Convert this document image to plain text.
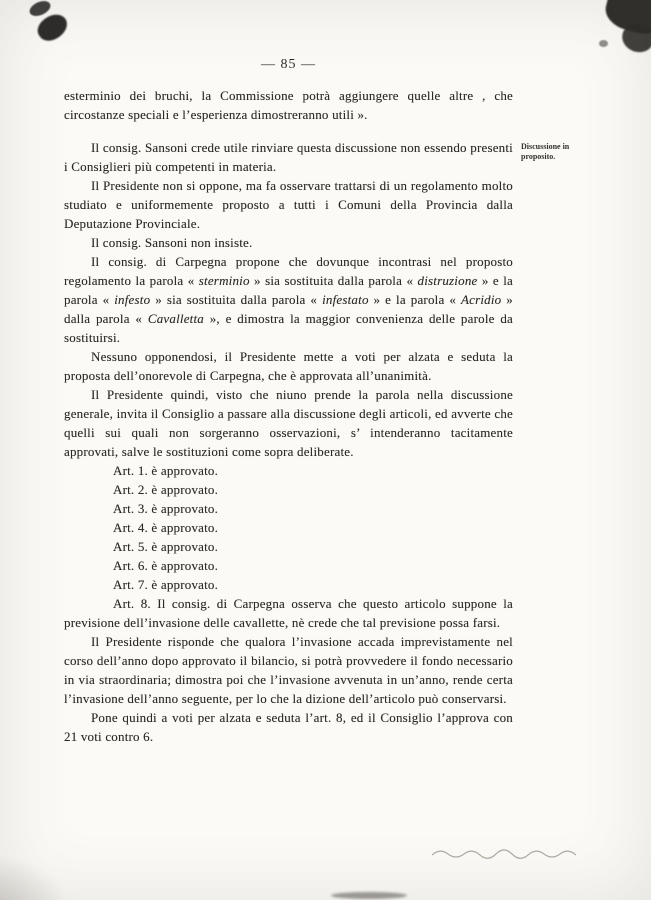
— 85 —
Discussione in proposito.

esterminio dei bruchi, la Commissione potrà aggiungere quelle altre , che circostanze speciali e l’esperienza dimostreranno utili ».

Il consig. Sansoni crede utile rinviare questa discussione non essendo presenti i Consiglieri più competenti in materia.

Il Presidente non si oppone, ma fa osservare trattarsi di un regolamento molto studiato e uniformemente proposto a tutti i Comuni della Provincia dalla Deputazione Provinciale.

Il consig. Sansoni non insiste.

Il consig. di Carpegna propone che dovunque incontrasi nel proposto regolamento la parola « sterminio » sia sostituita dalla parola « distruzione » e la parola « infesto » sia sostituita dalla parola « infestato » e la parola « Acridio » dalla parola « Cavalletta », e dimostra la maggior convenienza delle parole da sostituirsi.

Nessuno opponendosi, il Presidente mette a voti per alzata e seduta la proposta dell’onorevole di Carpegna, che è approvata all’unanimità.

Il Presidente quindi, visto che niuno prende la parola nella discussione generale, invita il Consiglio a passare alla discussione degli articoli, ed avverte che quelli sui quali non sorgeranno osservazioni, s’ intenderanno tacitamente approvati, salve le sostituzioni come sopra deliberate.

Art. 1. è approvato.

Art. 2. è approvato.

Art. 3. è approvato.

Art. 4. è approvato.

Art. 5. è approvato.

Art. 6. è approvato.

Art. 7. è approvato.

Art. 8. Il consig. di Carpegna osserva che questo articolo suppone la previsione dell’invasione delle cavallette, nè crede che tal previsione possa farsi.

Il Presidente risponde che qualora l’invasione accada imprevistamente nel corso dell’anno dopo approvato il bilancio, si potrà provvedere il fondo necessario in via straordinaria; dimostra poi che l’invasione avvenuta in un’anno, rende certa l’invasione dell’anno seguente, per lo che la dizione dell’articolo può conservarsi.

Pone quindi a voti per alzata e seduta l’art. 8, ed il Consiglio l’approva con 21 voti contro 6.
